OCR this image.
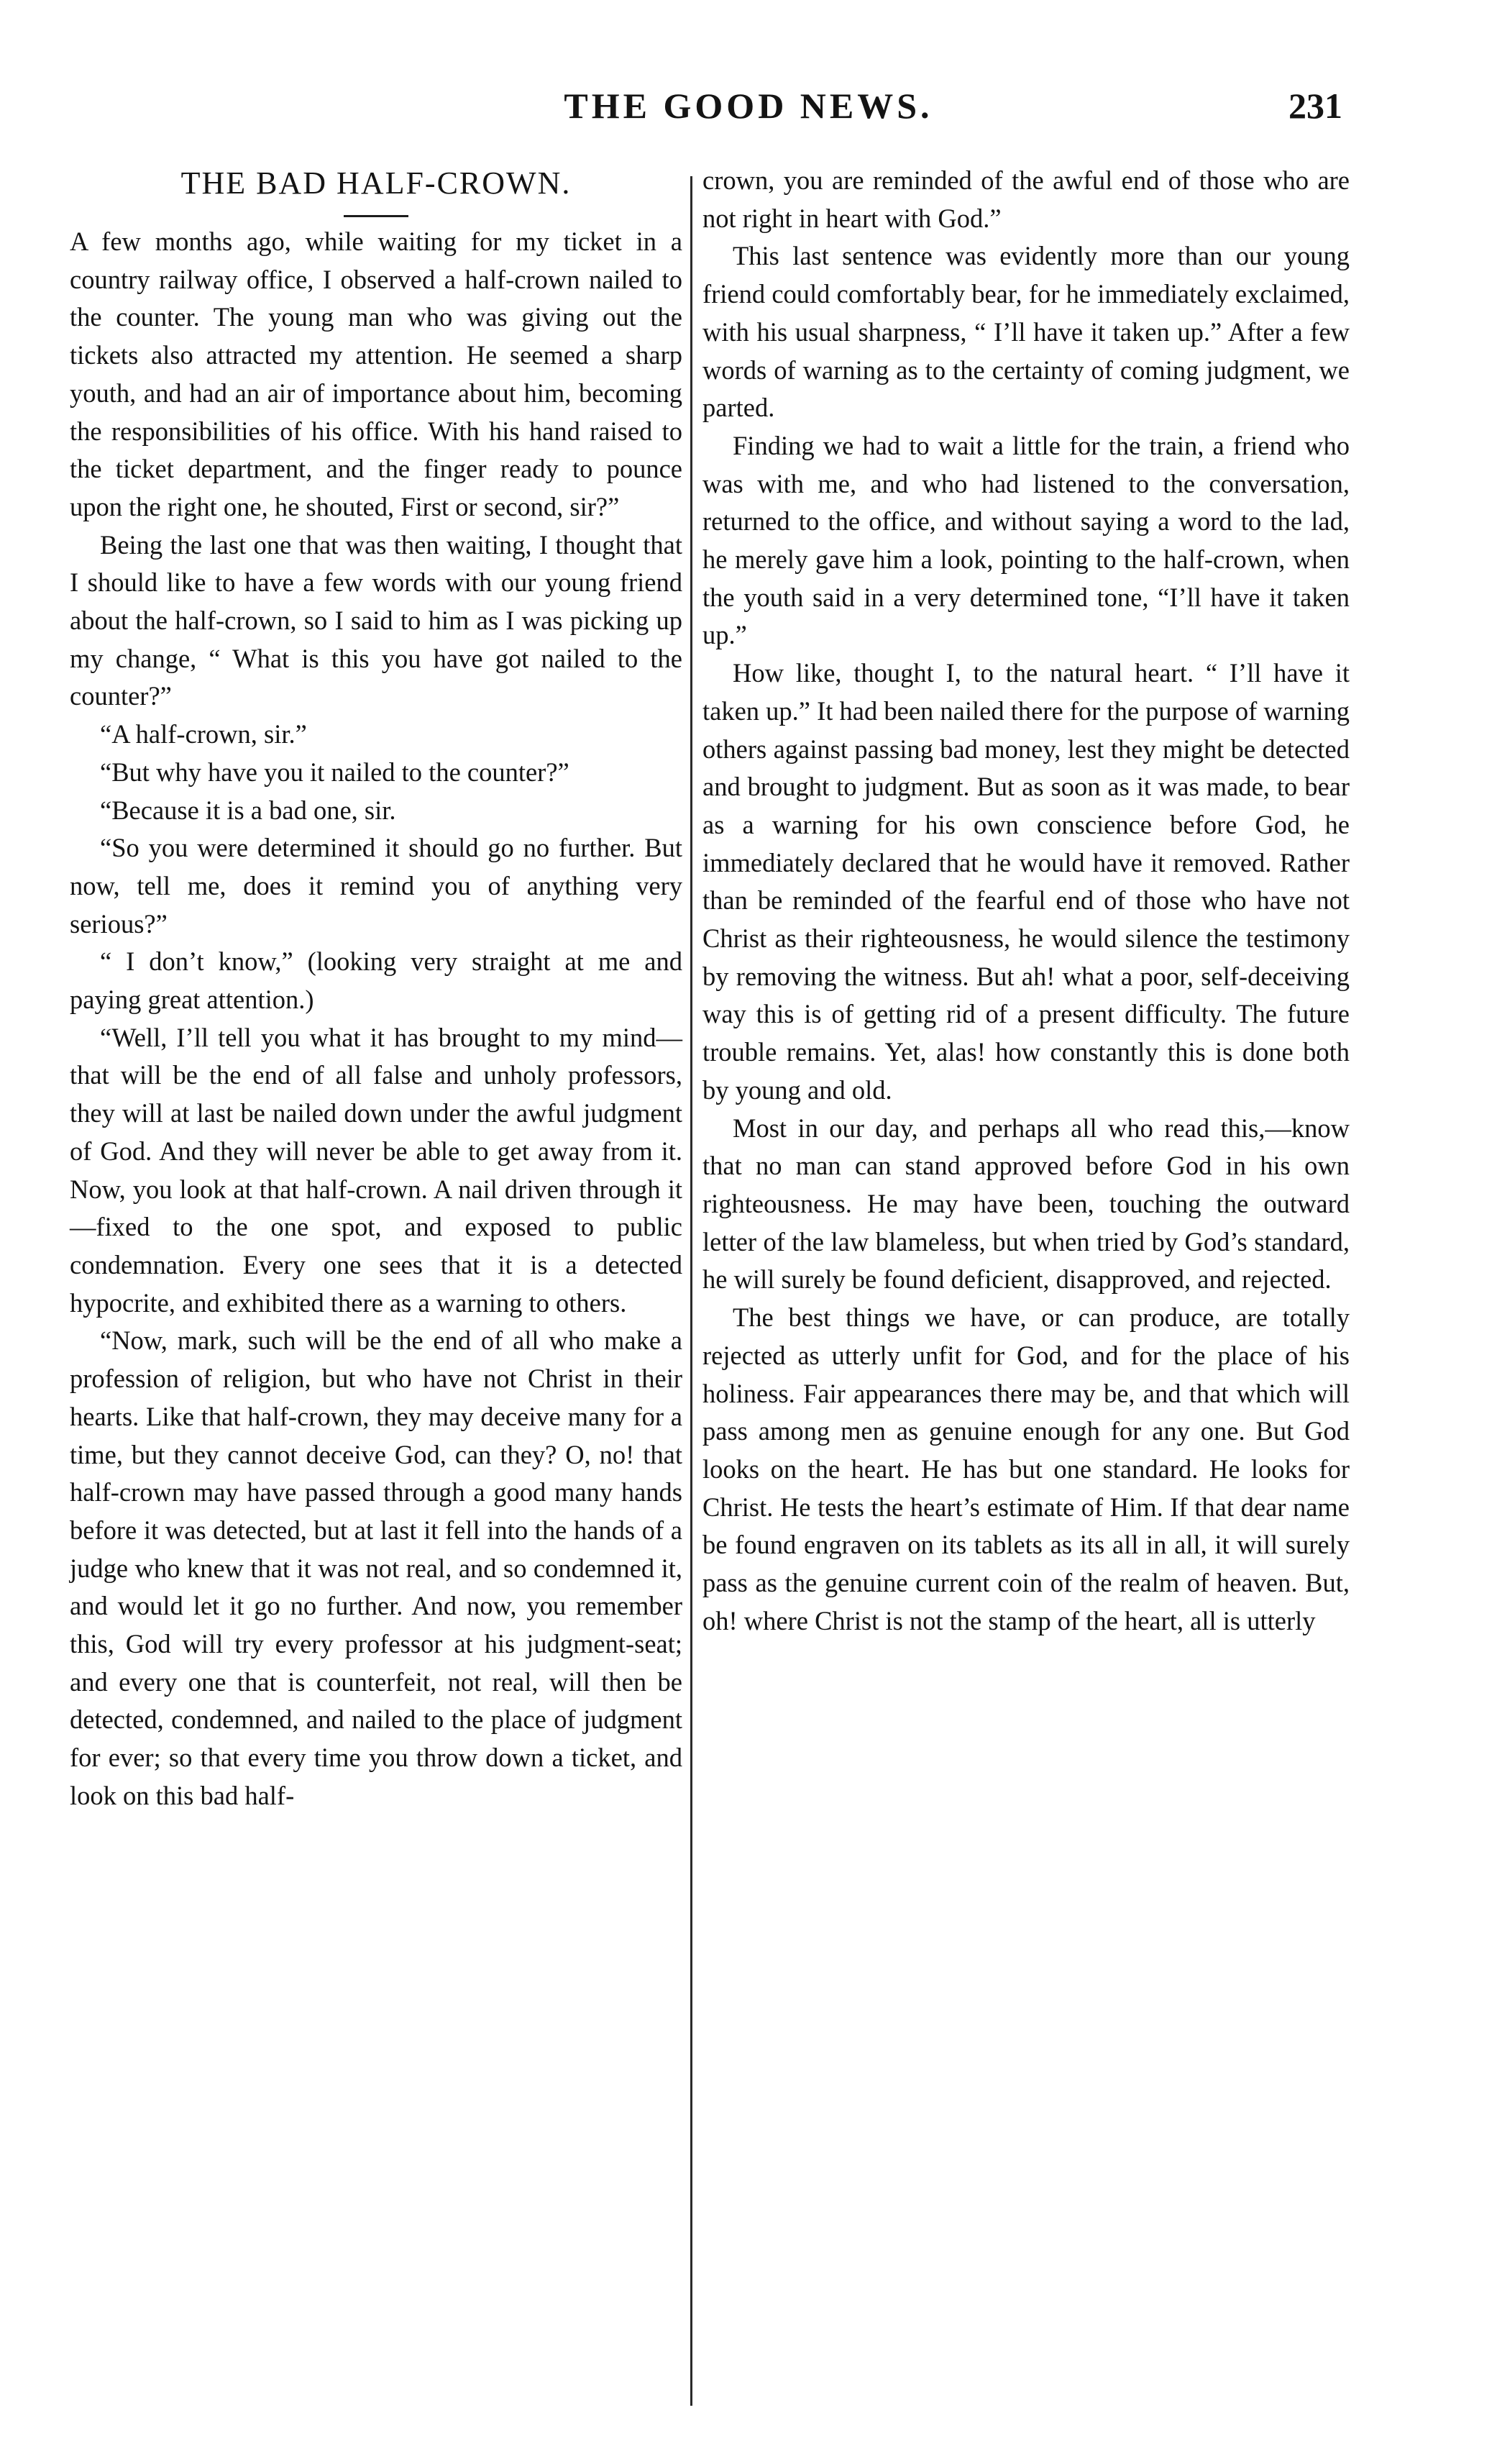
THE GOOD NEWS.	231
THE BAD HALF-CROWN.

A few months ago, while waiting for my ticket in a country railway office, I observed a half-crown nailed to the counter. The young man who was giving out the tickets also attracted my attention. He seemed a sharp youth, and had an air of importance about him, becoming the responsibilities of his office. With his hand raised to the ticket department, and the finger ready to pounce upon the right one, he shouted, First or second, sir?”

Being the last one that was then waiting, I thought that I should like to have a few words with our young friend about the half-crown, so I said to him as I was picking up my change, “ What is this you have got nailed to the counter?”

“A half-crown, sir.”

“But why have you it nailed to the counter?”

“Because it is a bad one, sir.

“So you were determined it should go no further. But now, tell me, does it remind you of anything very serious?”

“ I don’t know,” (looking very straight at me and paying great attention.)

“Well, I’ll tell you what it has brought to my mind—that will be the end of all false and unholy professors, they will at last be nailed down under the awful judgment of God. And they will never be able to get away from it. Now, you look at that half-crown. A nail driven through it—fixed to the one spot, and exposed to public condemnation. Every one sees that it is a detected hypocrite, and exhibited there as a warning to others.

“Now, mark, such will be the end of all who make a profession of religion, but who have not Christ in their hearts. Like that half-crown, they may deceive many for a time, but they cannot deceive God, can they? O, no! that half-crown may have passed through a good many hands before it was detected, but at last it fell into the hands of a judge who knew that it was not real, and so condemned it, and would let it go no further. And now, you remember this, God will try every professor at his judgment-seat; and every one that is counterfeit, not real, will then be detected, condemned, and nailed to the place of judgment for ever; so that every time you throw down a ticket, and look on this bad half-

crown, you are reminded of the awful end of those who are not right in heart with God.”

This last sentence was evidently more than our young friend could comfortably bear, for he immediately exclaimed, with his usual sharpness, “ I’ll have it taken up.” After a few words of warning as to the certainty of coming judgment, we parted.

Finding we had to wait a little for the train, a friend who was with me, and who had listened to the conversation, returned to the office, and without saying a word to the lad, he merely gave him a look, pointing to the half-crown, when the youth said in a very determined tone, “I’ll have it taken up.”

How like, thought I, to the natural heart. “ I’ll have it taken up.” It had been nailed there for the purpose of warning others against passing bad money, lest they might be detected and brought to judgment. But as soon as it was made, to bear as a warning for his own conscience before God, he immediately declared that he would have it removed. Rather than be reminded of the fearful end of those who have not Christ as their righteousness, he would silence the testimony by removing the witness. But ah! what a poor, self-deceiving way this is of getting rid of a present difficulty. The future trouble remains. Yet, alas! how constantly this is done both by young and old.

Most in our day, and perhaps all who read this,—know that no man can stand approved before God in his own righteousness. He may have been, touching the outward letter of the law blameless, but when tried by God’s standard, he will surely be found deficient, disapproved, and rejected.

The best things we have, or can produce, are totally rejected as utterly unfit for God, and for the place of his holiness. Fair appearances there may be, and that which will pass among men as genuine enough for any one. But God looks on the heart. He has but one standard. He looks for Christ. He tests the heart’s estimate of Him. If that dear name be found engraven on its tablets as its all in all, it will surely pass as the genuine current coin of the realm of heaven. But, oh! where Christ is not the stamp of the heart, all is utterly
